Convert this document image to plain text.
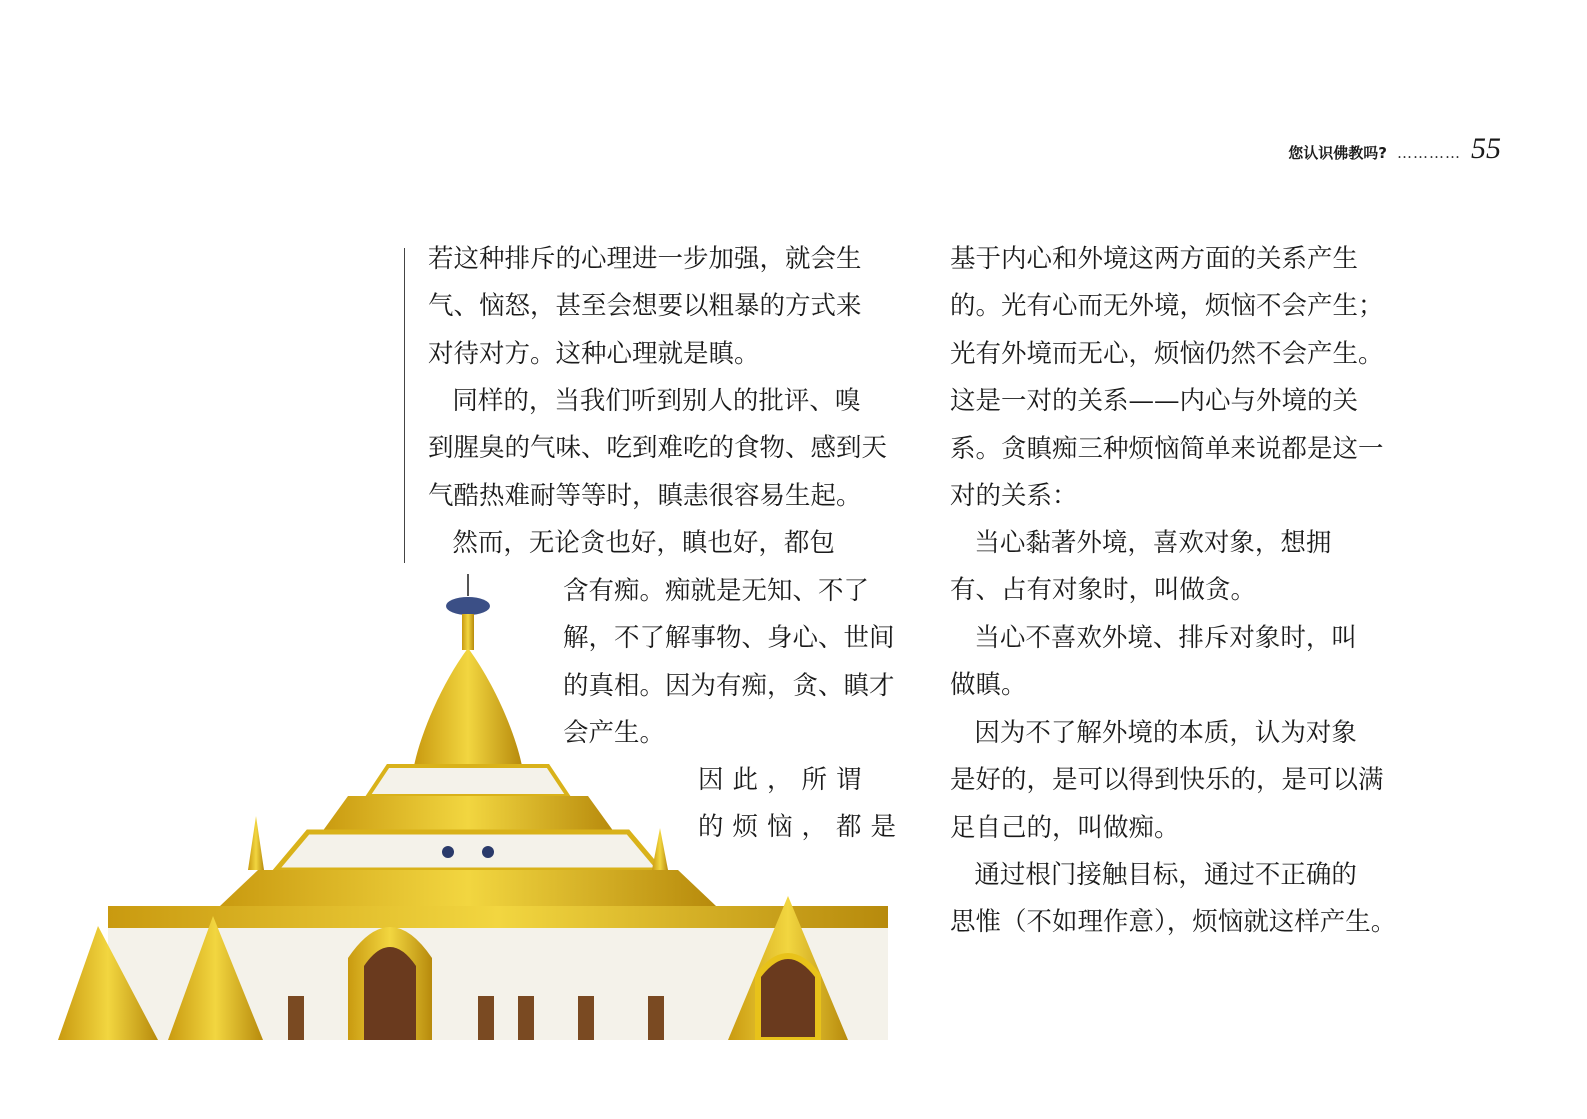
您认识佛教吗? ………… 55

若这种排斥的心理进一步加强，就会生
气、恼怒，甚至会想要以粗暴的方式来
对待对方。这种心理就是瞋。

同样的，当我们听到别人的批评、嗅
到腥臭的气味、吃到难吃的食物、感到天
气酷热难耐等等时，瞋恚很容易生起。

然而，无论贪也好，瞋也好，都包

含有痴。痴就是无知、不了
解，不了解事物、身心、世间
的真相。因为有痴，贪、瞋才
会产生。

因此，所谓
的烦恼，都是

基于内心和外境这两方面的关系产生
的。光有心而无外境，烦恼不会产生；
光有外境而无心，烦恼仍然不会产生。
这是一对的关系——内心与外境的关
系。贪瞋痴三种烦恼简单来说都是这一
对的关系：

当心黏著外境，喜欢对象，想拥
有、占有对象时，叫做贪。

当心不喜欢外境、排斥对象时，叫
做瞋。

因为不了解外境的本质，认为对象
是好的，是可以得到快乐的，是可以满
足自己的，叫做痴。

通过根门接触目标，通过不正确的
思惟（不如理作意），烦恼就这样产生。
